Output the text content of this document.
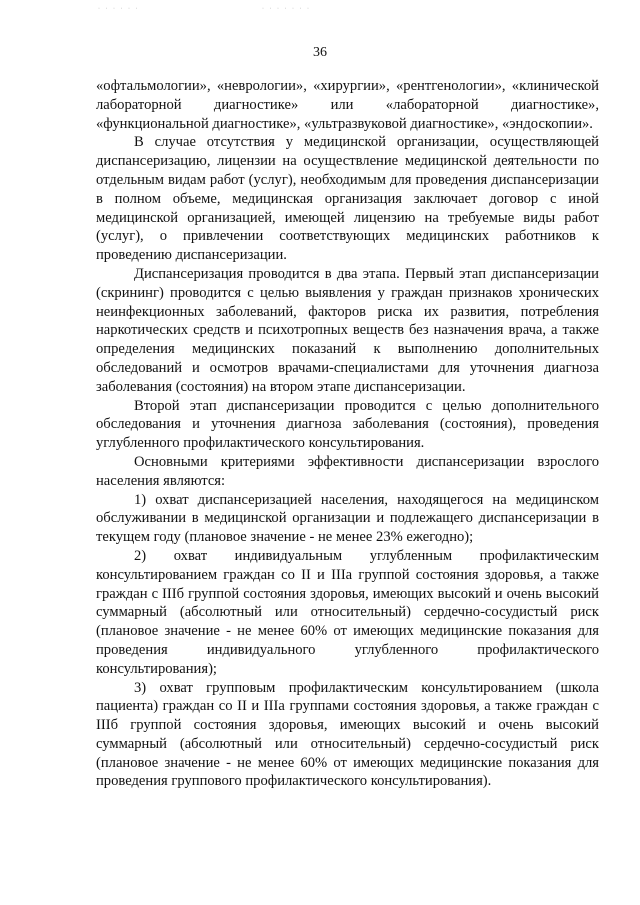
· · · · · ·	· · · · · · ·
36

«офтальмологии», «неврологии», «хирургии», «рентгенологии», «клинической лабораторной диагностике» или «лабораторной диагностике», «функциональной диагностике», «ультразвуковой диагностике», «эндоскопии».

В случае отсутствия у медицинской организации, осуществляющей диспансеризацию, лицензии на осуществление медицинской деятельности по отдельным видам работ (услуг), необходимым для проведения диспансеризации в полном объеме, медицинская организация заключает договор с иной медицинской организацией, имеющей лицензию на требуемые виды работ (услуг), о привлечении соответствующих медицинских работников к проведению диспансеризации.

Диспансеризация проводится в два этапа. Первый этап диспансеризации (скрининг) проводится с целью выявления у граждан признаков хронических неинфекционных заболеваний, факторов риска их развития, потребления наркотических средств и психотропных веществ без назначения врача, а также определения медицинских показаний к выполнению дополнительных обследований и осмотров врачами-специалистами для уточнения диагноза заболевания (состояния) на втором этапе диспансеризации.

Второй этап диспансеризации проводится с целью дополнительного обследования и уточнения диагноза заболевания (состояния), проведения углубленного профилактического консультирования.

Основными критериями эффективности диспансеризации взрослого населения являются:

1) охват диспансеризацией населения, находящегося на медицинском обслуживании в медицинской организации и подлежащего диспансеризации в текущем году (плановое значение - не менее 23% ежегодно);

2) охват индивидуальным углубленным профилактическим консультированием граждан со II и IIIа группой состояния здоровья, а также граждан с IIIб группой состояния здоровья, имеющих высокий и очень высокий суммарный (абсолютный или относительный) сердечно-сосудистый риск (плановое значение - не менее 60% от имеющих медицинские показания для проведения индивидуального углубленного профилактического консультирования);

3) охват групповым профилактическим консультированием (школа пациента) граждан со II и IIIа группами состояния здоровья, а также граждан с IIIб группой состояния здоровья, имеющих высокий и очень высокий суммарный (абсолютный или относительный) сердечно-сосудистый риск (плановое значение - не менее 60% от имеющих медицинские показания для проведения группового профилактического консультирования).
